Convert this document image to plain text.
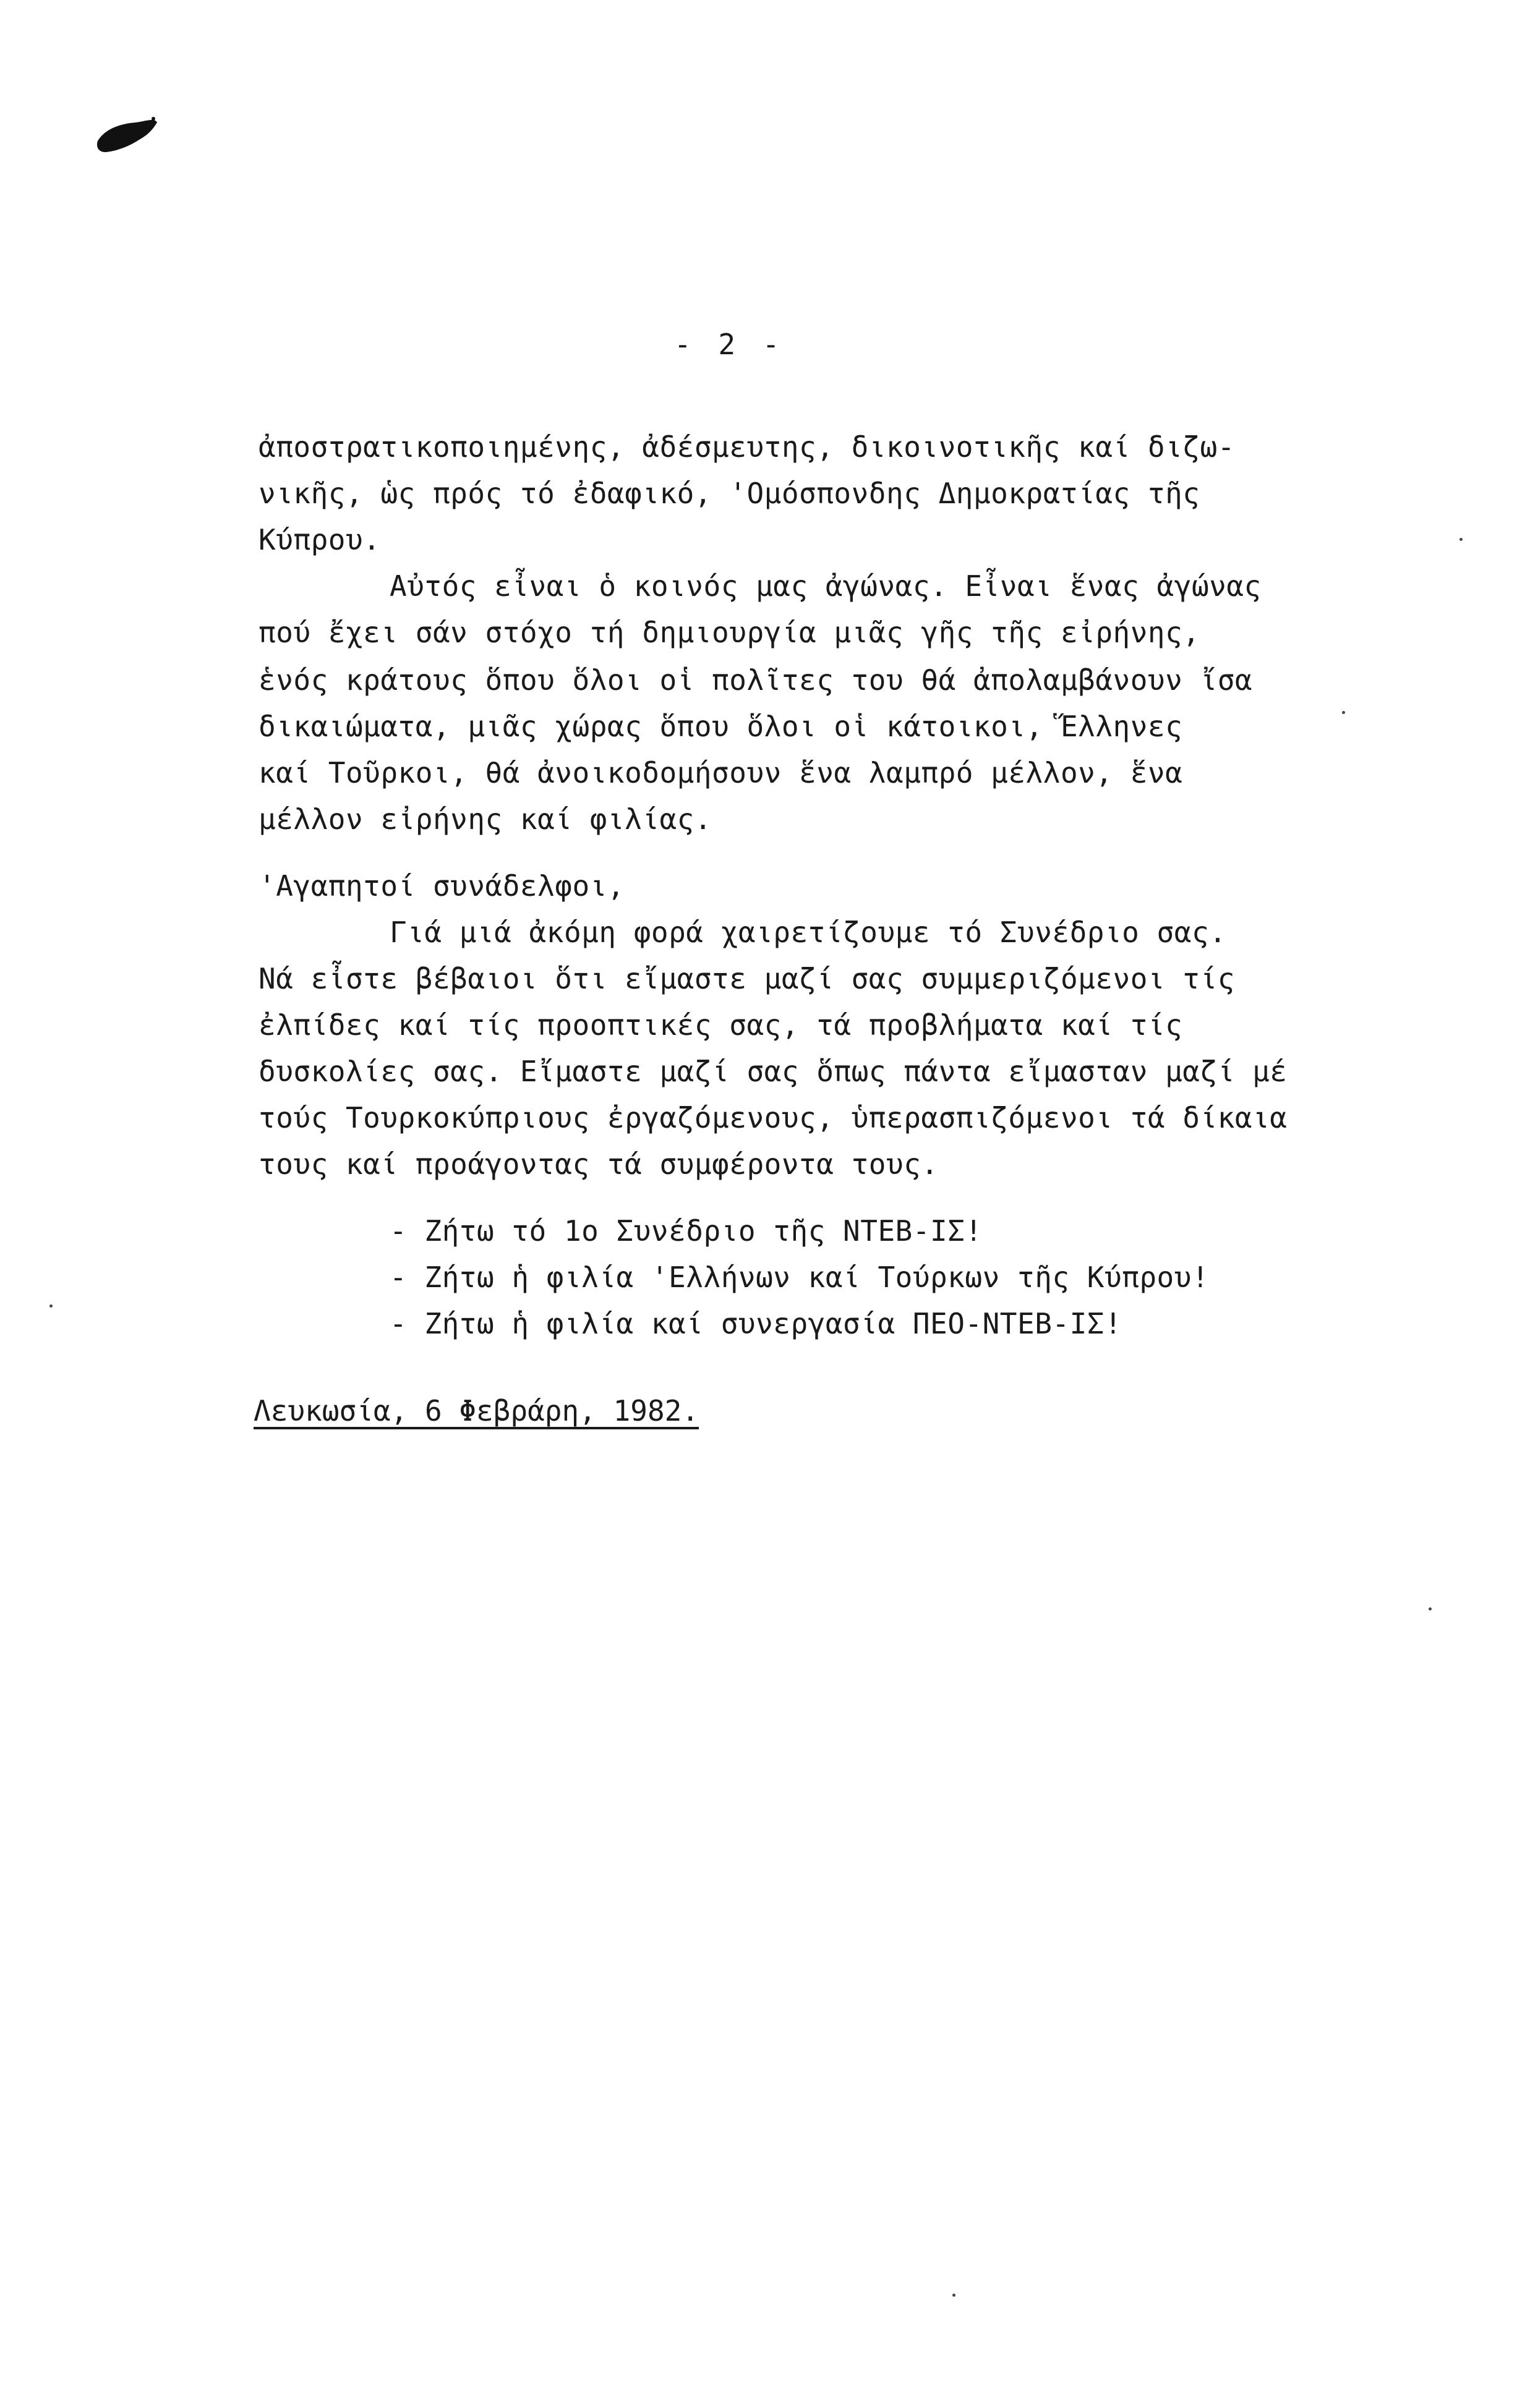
- 2 -
ἀποστρατικοποιημένης, ἀδέσμευτης, δικοινοτικῆς καί διζω-
νικῆς, ὡς πρός τό ἐδαφικό, 'Ομόσπονδης Δημοκρατίας τῆς
Κύπρου.
Αὐτός εἶναι ὁ κοινός μας ἀγώνας. Εἶναι ἕνας ἀγώνας
πού ἔχει σάν στόχο τή δημιουργία μιᾶς γῆς τῆς εἰρήνης,
ἑνός κράτους ὅπου ὅλοι οἱ πολῖτες του θά ἀπολαμβάνουν ἴσα
δικαιώματα, μιᾶς χώρας ὅπου ὅλοι οἱ κάτοικοι, Ἕλληνες
καί Τοῦρκοι, θά ἀνοικοδομήσουν ἕνα λαμπρό μέλλον, ἕνα
μέλλον εἰρήνης καί φιλίας.
'Αγαπητοί συνάδελφοι,
Γιά μιά ἀκόμη φορά χαιρετίζουμε τό Συνέδριο σας.
Νά εἶστε βέβαιοι ὅτι εἴμαστε μαζί σας συμμεριζόμενοι τίς
ἐλπίδες καί τίς προοπτικές σας, τά προβλήματα καί τίς
δυσκολίες σας. Εἴμαστε μαζί σας ὅπως πάντα εἴμασταν μαζί μέ
τούς Τουρκοκύπριους ἐργαζόμενους, ὑπερασπιζόμενοι τά δίκαια
τους καί προάγοντας τά συμφέροντα τους.
- Ζήτω τό 1ο Συνέδριο τῆς ΝΤΕΒ-ΙΣ!
- Ζήτω ἡ φιλία 'Ελλήνων καί Τούρκων τῆς Κύπρου!
- Ζήτω ἡ φιλία καί συνεργασία ΠΕΟ-ΝΤΕΒ-ΙΣ!
Λευκωσία, 6 Φεβράρη, 1982.
